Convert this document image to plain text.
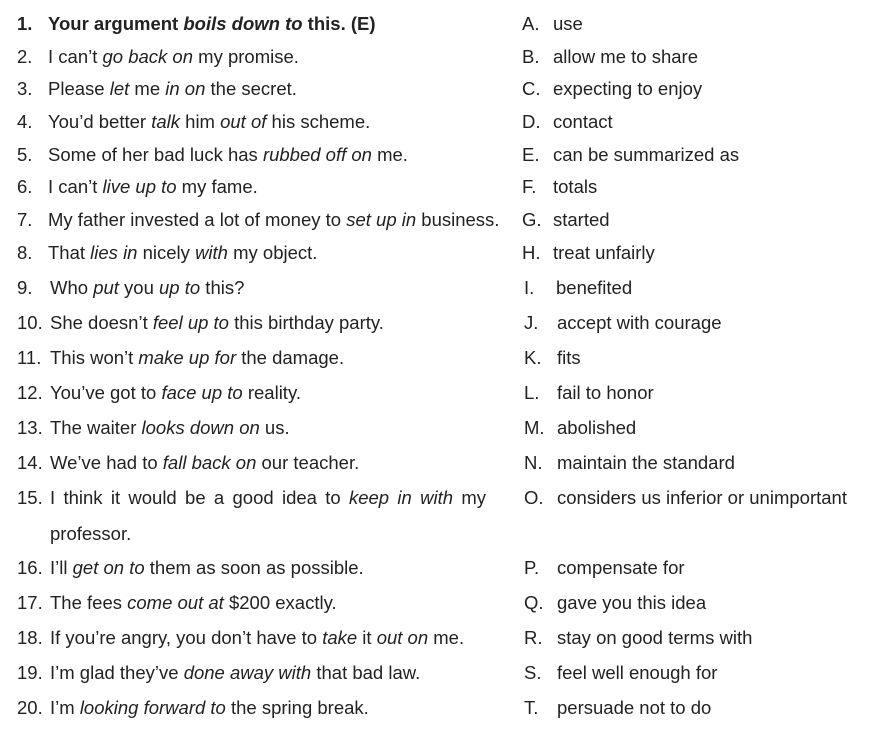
1. Your argument boils down to this. (E)	A. use
2. I can’t go back on my promise.	B. allow me to share
3. Please let me in on the secret.	C. expecting to enjoy
4. You’d better talk him out of his scheme.	D. contact
5. Some of her bad luck has rubbed off on me.	E. can be summarized as
6. I can’t live up to my fame.	F. totals
7. My father invested a lot of money to set up in business. G. started
8. That lies in nicely with my object.	H. treat unfairly
9. Who put you up to this?	I. benefited
10. She doesn’t feel up to this birthday party.	J. accept with courage
11. This won’t make up for the damage.	K. fits
12. You’ve got to face up to reality.	L. fail to honor
13. The waiter looks down on us.	M. abolished
14. We’ve had to fall back on our teacher.	N. maintain the standard
15. I think it would be a good idea to keep in with my O. considers us inferior or unimportant
professor.
16. I’ll get on to them as soon as possible.	P. compensate for
17. The fees come out at $200 exactly.	Q. gave you this idea
18. If you’re angry, you don’t have to take it out on me.	R. stay on good terms with
19. I’m glad they’ve done away with that bad law.	S. feel well enough for
20. I’m looking forward to the spring break.	T. persuade not to do
